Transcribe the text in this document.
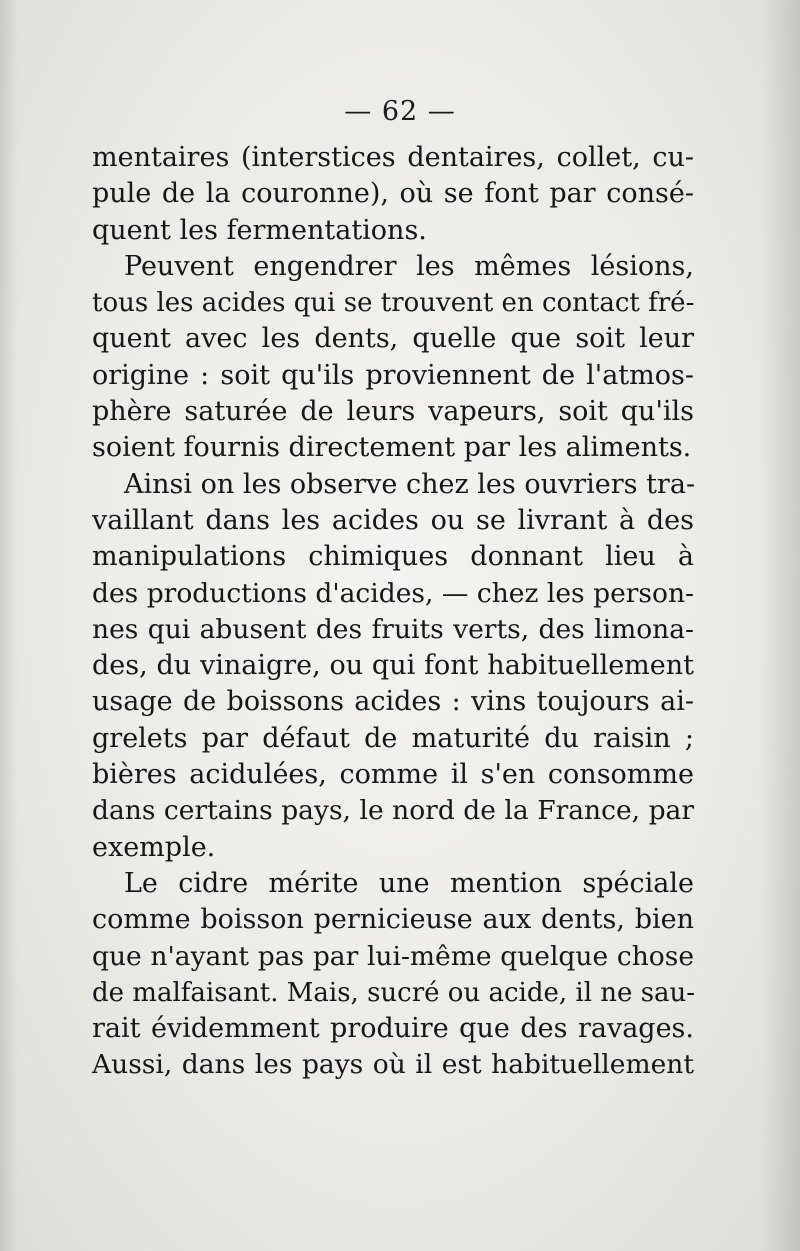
— 62 —
mentaires (interstices dentaires, collet, cu-
pule de la couronne), où se font par consé-
quent les fermentations.
Peuvent engendrer les mêmes lésions,
tous les acides qui se trouvent en contact fré-
quent avec les dents, quelle que soit leur
origine : soit qu'ils proviennent de l'atmos-
phère saturée de leurs vapeurs, soit qu'ils
soient fournis directement par les aliments.
Ainsi on les observe chez les ouvriers tra-
vaillant dans les acides ou se livrant à des
manipulations chimiques donnant lieu à
des productions d'acides, — chez les person-
nes qui abusent des fruits verts, des limona-
des, du vinaigre, ou qui font habituellement
usage de boissons acides : vins toujours ai-
grelets par défaut de maturité du raisin ;
bières acidulées, comme il s'en consomme
dans certains pays, le nord de la France, par
exemple.
Le cidre mérite une mention spéciale
comme boisson pernicieuse aux dents, bien
que n'ayant pas par lui-même quelque chose
de malfaisant. Mais, sucré ou acide, il ne sau-
rait évidemment produire que des ravages.
Aussi, dans les pays où il est habituellement
